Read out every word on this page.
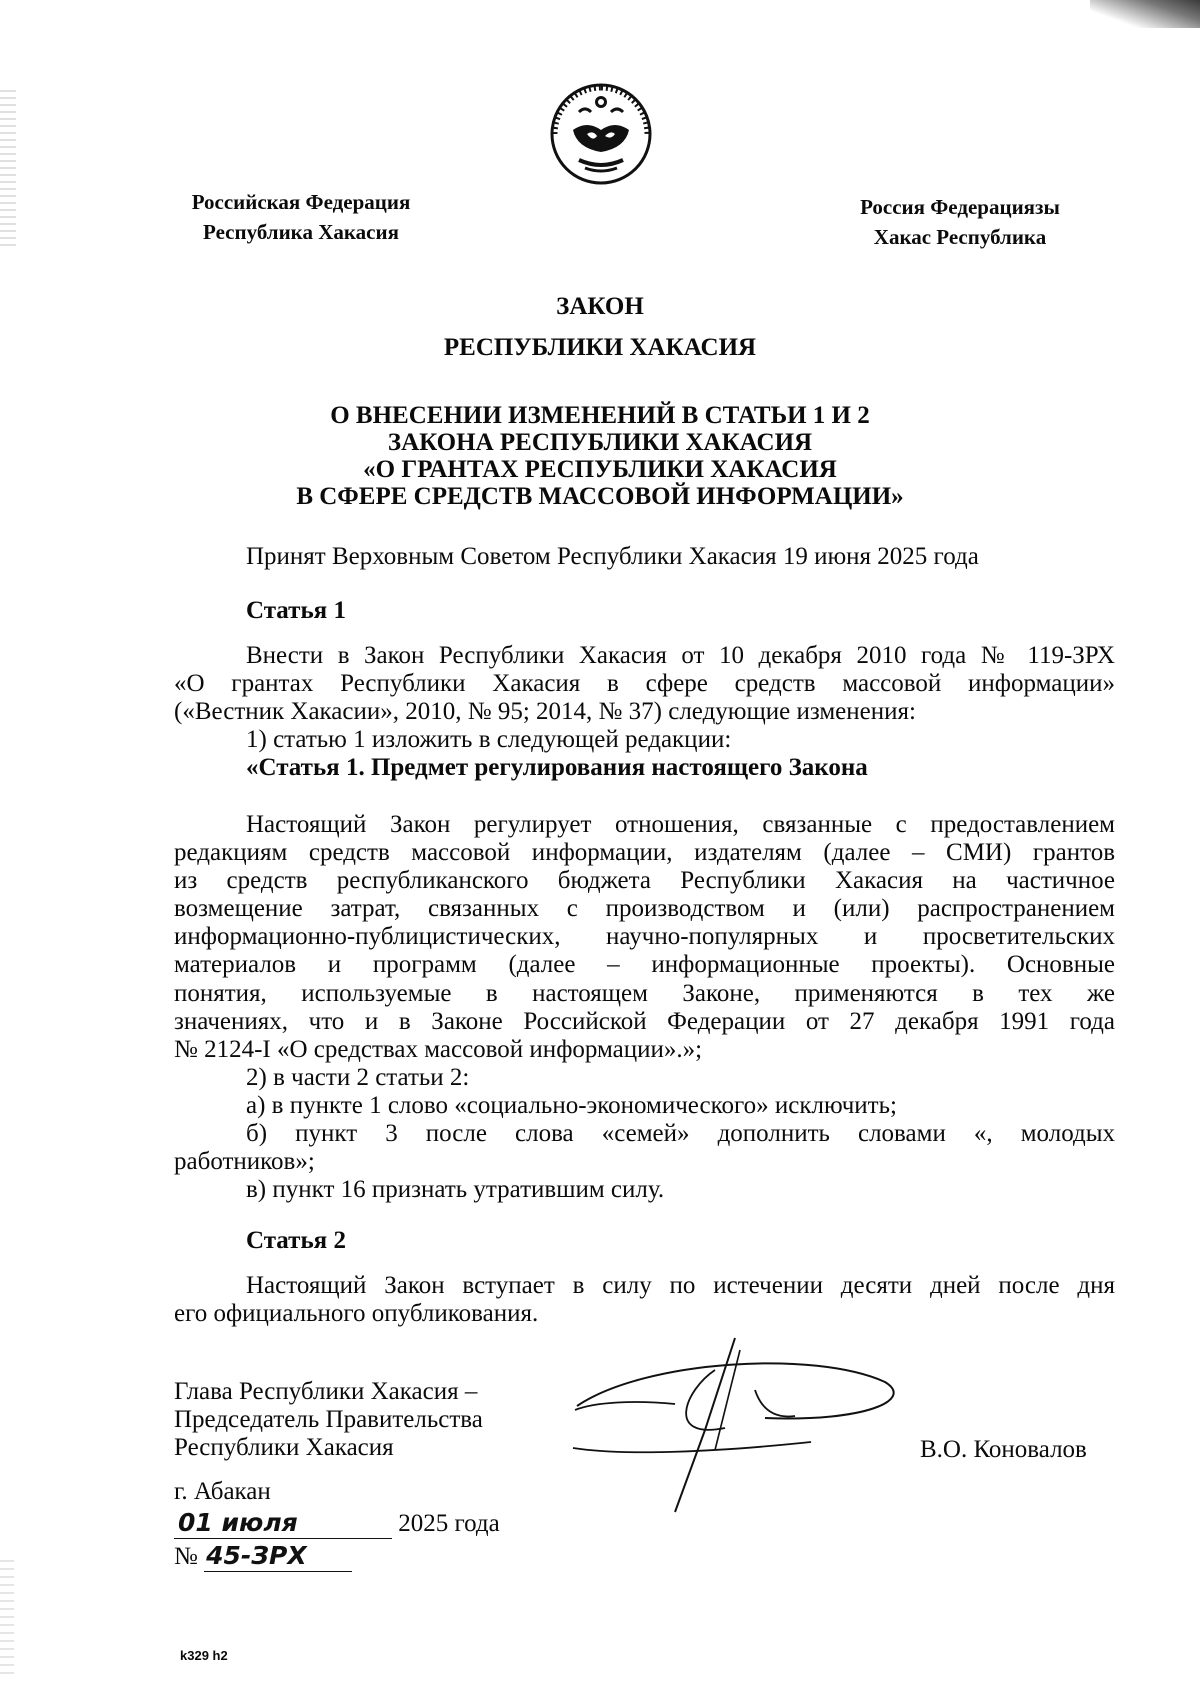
Российская Федерация
Республика Хакасия
Россия Федерациязы
Хакас Республика
ЗАКОН
РЕСПУБЛИКИ ХАКАСИЯ
О ВНЕСЕНИИ ИЗМЕНЕНИЙ В СТАТЬИ 1 И 2
ЗАКОНА РЕСПУБЛИКИ ХАКАСИЯ
«О ГРАНТАХ РЕСПУБЛИКИ ХАКАСИЯ
В СФЕРЕ СРЕДСТВ МАССОВОЙ ИНФОРМАЦИИ»
Принят Верховным Советом Республики Хакасия 19 июня 2025 года
Статья 1
Внести в Закон Республики Хакасия от 10 декабря 2010 года № 119-ЗРХ
«О грантах Республики Хакасия в сфере средств массовой информации»
(«Вестник Хакасии», 2010, № 95; 2014, № 37) следующие изменения:
1) статью 1 изложить в следующей редакции:
«Статья 1. Предмет регулирования настоящего Закона
Настоящий Закон регулирует отношения, связанные с предоставлением
редакциям средств массовой информации, издателям (далее – СМИ) грантов
из средств республиканского бюджета Республики Хакасия на частичное
возмещение затрат, связанных с производством и (или) распространением
информационно-публицистических, научно-популярных и просветительских
материалов и программ (далее – информационные проекты). Основные
понятия, используемые в настоящем Законе, применяются в тех же
значениях, что и в Законе Российской Федерации от 27 декабря 1991 года
№ 2124-I «О средствах массовой информации».»;
2) в части 2 статьи 2:
а) в пункте 1 слово «социально-экономического» исключить;
б) пункт 3 после слова «семей» дополнить словами «, молодых
работников»;
в) пункт 16 признать утратившим силу.
Статья 2
Настоящий Закон вступает в силу по истечении десяти дней после дня
его официального опубликования.
Глава Республики Хакасия –
Председатель Правительства
Республики Хакасия	В.О. Коновалов
г. Абакан
01 июля	2025 года
№ 45-ЗРХ
k329 h2
